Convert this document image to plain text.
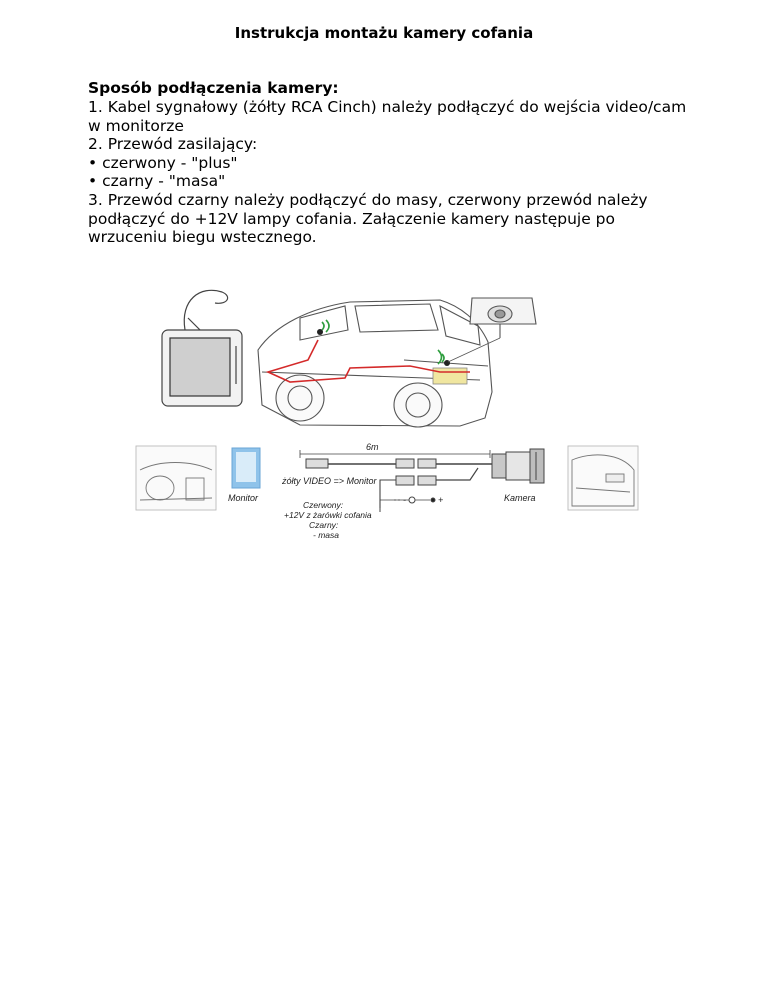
Instrukcja montażu kamery cofania
Sposób podłączenia kamery:
1. Kabel sygnałowy (żółty RCA Cinch) należy podłączyć do wejścia video/cam
w monitorze
2. Przewód zasilający:
• czerwony - "plus"
• czarny - "masa"
3. Przewód czarny należy podłączyć do masy, czerwony przewód należy
podłączyć do +12V lampy cofania. Załączenie kamery następuje po
wrzuceniu biegu wstecznego.
Monitor
6m
żółty VIDEO => Monitor
Kamera
+
-
Czerwony:
+12V z żarówki cofania
Czarny:
- masa
